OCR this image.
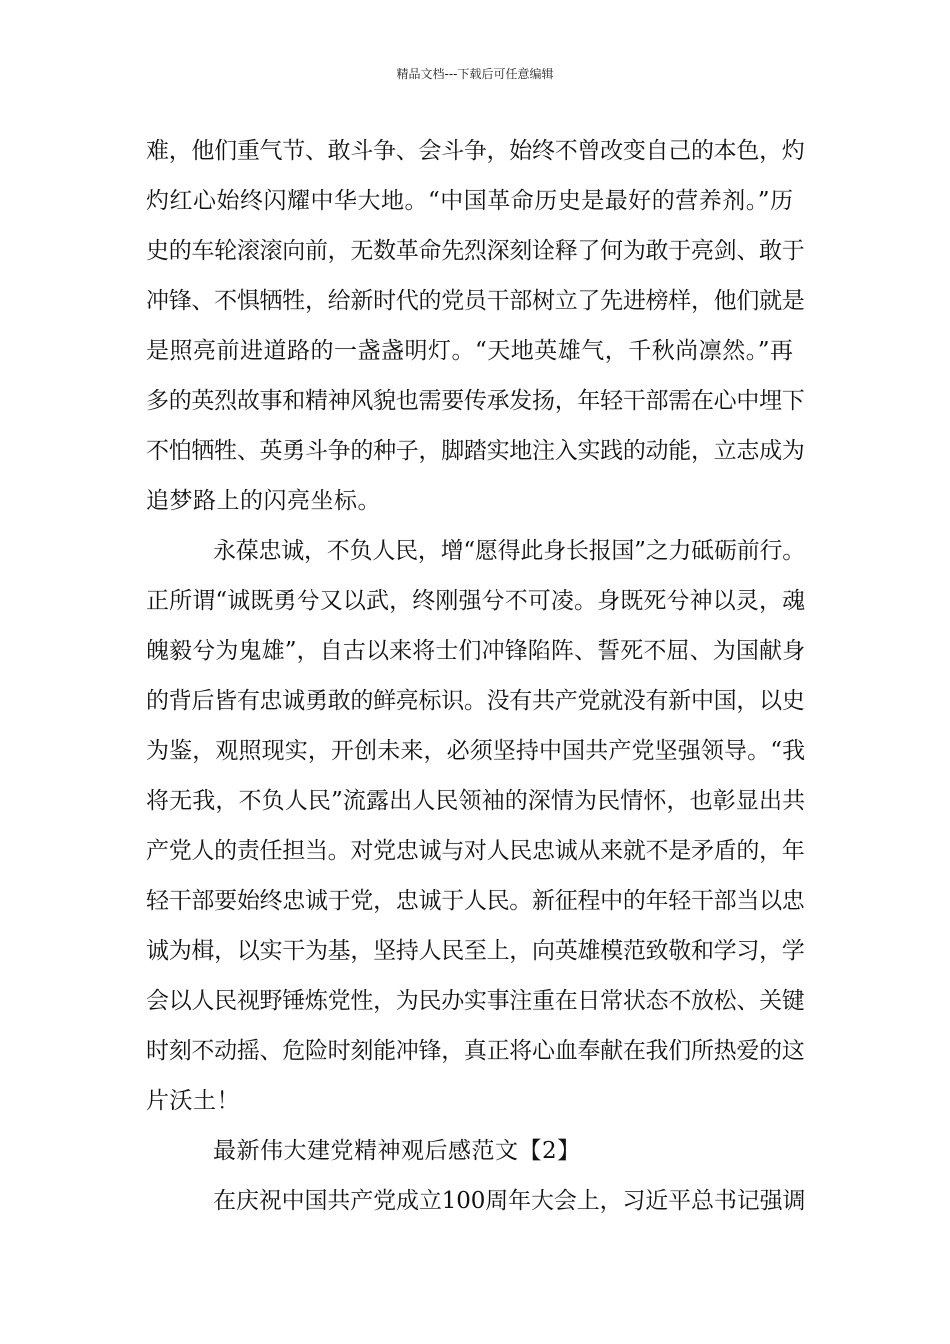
精品文档---下载后可任意编辑
难，他们重气节、敢斗争、会斗争，始终不曾改变自己的本色，灼
灼红心始终闪耀中华大地。“中国革命历史是最好的营养剂。”历
史的车轮滚滚向前，无数革命先烈深刻诠释了何为敢于亮剑、敢于
冲锋、不惧牺牲，给新时代的党员干部树立了先进榜样，他们就是
是照亮前进道路的一盏盏明灯。“天地英雄气，千秋尚凛然。”再
多的英烈故事和精神风貌也需要传承发扬，年轻干部需在心中埋下
不怕牺牲、英勇斗争的种子，脚踏实地注入实践的动能，立志成为
追梦路上的闪亮坐标。
永葆忠诚，不负人民，增“愿得此身长报国”之力砥砺前行。
正所谓“诚既勇兮又以武，终刚强兮不可凌。身既死兮神以灵，魂
魄毅兮为鬼雄”，自古以来将士们冲锋陷阵、誓死不屈、为国献身
的背后皆有忠诚勇敢的鲜亮标识。没有共产党就没有新中国，以史
为鉴，观照现实，开创未来，必须坚持中国共产党坚强领导。“我
将无我，不负人民”流露出人民领袖的深情为民情怀，也彰显出共
产党人的责任担当。对党忠诚与对人民忠诚从来就不是矛盾的，年
轻干部要始终忠诚于党，忠诚于人民。新征程中的年轻干部当以忠
诚为楫，以实干为基，坚持人民至上，向英雄模范致敬和学习，学
会以人民视野锤炼党性，为民办实事注重在日常状态不放松、关键
时刻不动摇、危险时刻能冲锋，真正将心血奉献在我们所热爱的这
片沃土！
最新伟大建党精神观后感范文【2】
在庆祝中国共产党成立100周年大会上，习近平总书记强调
